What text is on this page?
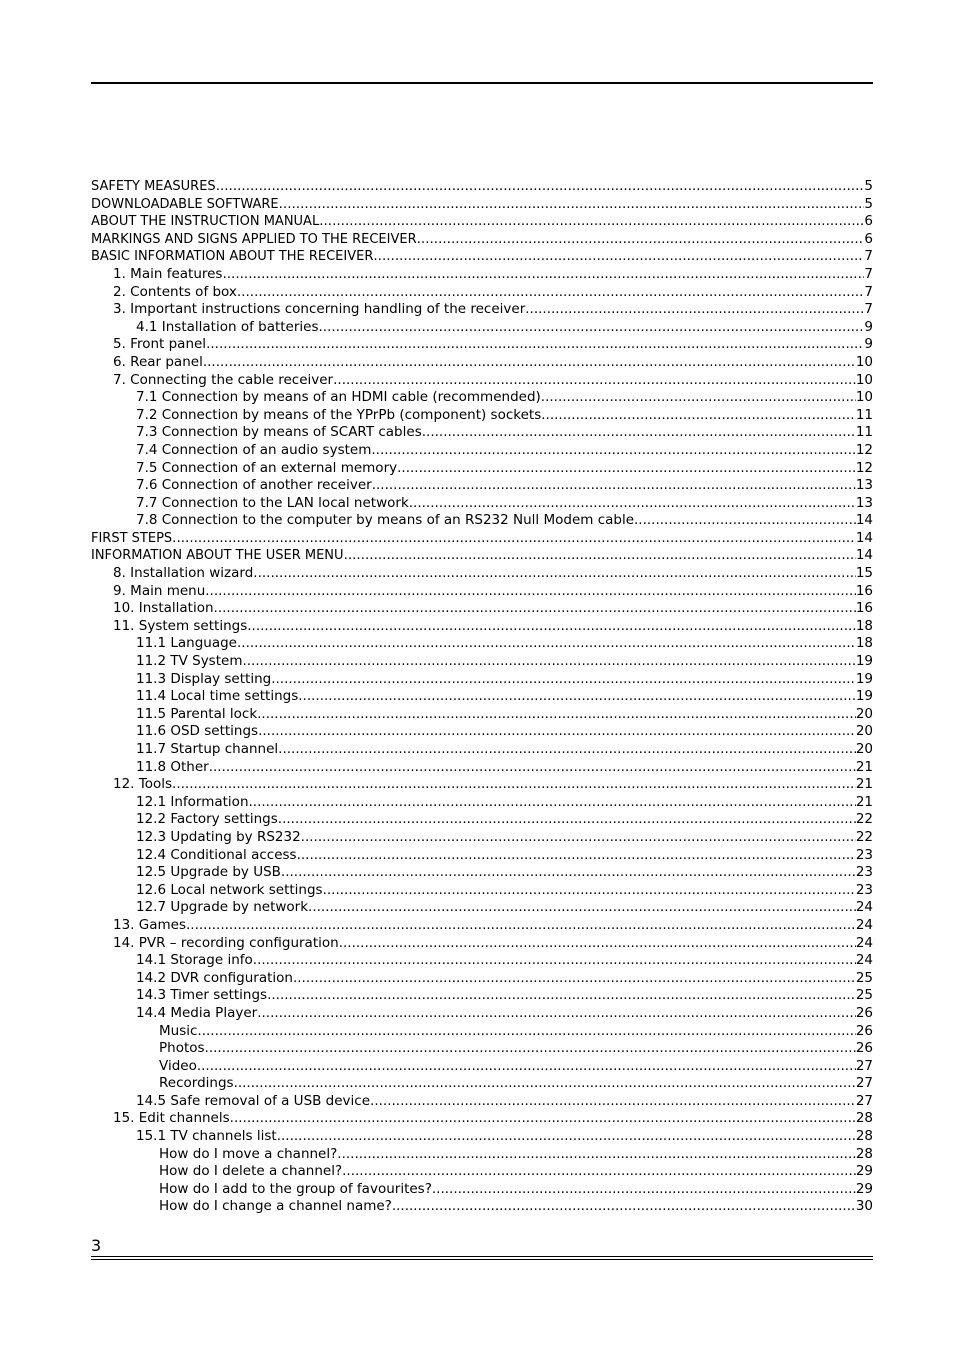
SAFETY MEASURES .....	5
DOWNLOADABLE SOFTWARE .....	5
ABOUT THE INSTRUCTION MANUAL .....	6
MARKINGS AND SIGNS APPLIED TO THE RECEIVER .....	6
BASIC INFORMATION ABOUT THE RECEIVER .....	7
1. Main features .....	7
2. Contents of box .....	7
3. Important instructions concerning handling of the receiver .....	7
4.1 Installation of batteries .....	9
5. Front panel .....	9
6. Rear panel .....	10
7. Connecting the cable receiver .....	10
7.1 Connection by means of an HDMI cable (recommended) .....	10
7.2 Connection by means of the YPrPb (component) sockets .....	11
7.3 Connection by means of SCART cables .....	11
7.4 Connection of an audio system .....	12
7.5 Connection of an external memory .....	12
7.6 Connection of another receiver .....	13
7.7 Connection to the LAN local network .....	13
7.8 Connection to the computer by means of an RS232 Null Modem cable .....	14
FIRST STEPS .....	14
INFORMATION ABOUT THE USER MENU .....	14
8. Installation wizard .....	15
9. Main menu .....	16
10. Installation .....	16
11. System settings .....	18
11.1 Language .....	18
11.2 TV System .....	19
11.3 Display setting .....	19
11.4 Local time settings .....	19
11.5 Parental lock .....	20
11.6 OSD settings .....	20
11.7 Startup channel .....	20
11.8 Other .....	21
12. Tools .....	21
12.1 Information .....	21
12.2 Factory settings .....	22
12.3 Updating by RS232 .....	22
12.4 Conditional access .....	23
12.5 Upgrade by USB .....	23
12.6 Local network settings .....	23
12.7 Upgrade by network .....	24
13. Games .....	24
14. PVR – recording configuration .....	24
14.1 Storage info .....	24
14.2 DVR configuration .....	25
14.3 Timer settings .....	25
14.4 Media Player .....	26
Music .....	26
Photos .....	26
Video .....	27
Recordings .....	27
14.5 Safe removal of a USB device .....	27
15. Edit channels .....	28
15.1 TV channels list .....	28
How do I move a channel? .....	28
How do I delete a channel? .....	29
How do I add to the group of favourites? .....	29
How do I change a channel name? .....	30
3
